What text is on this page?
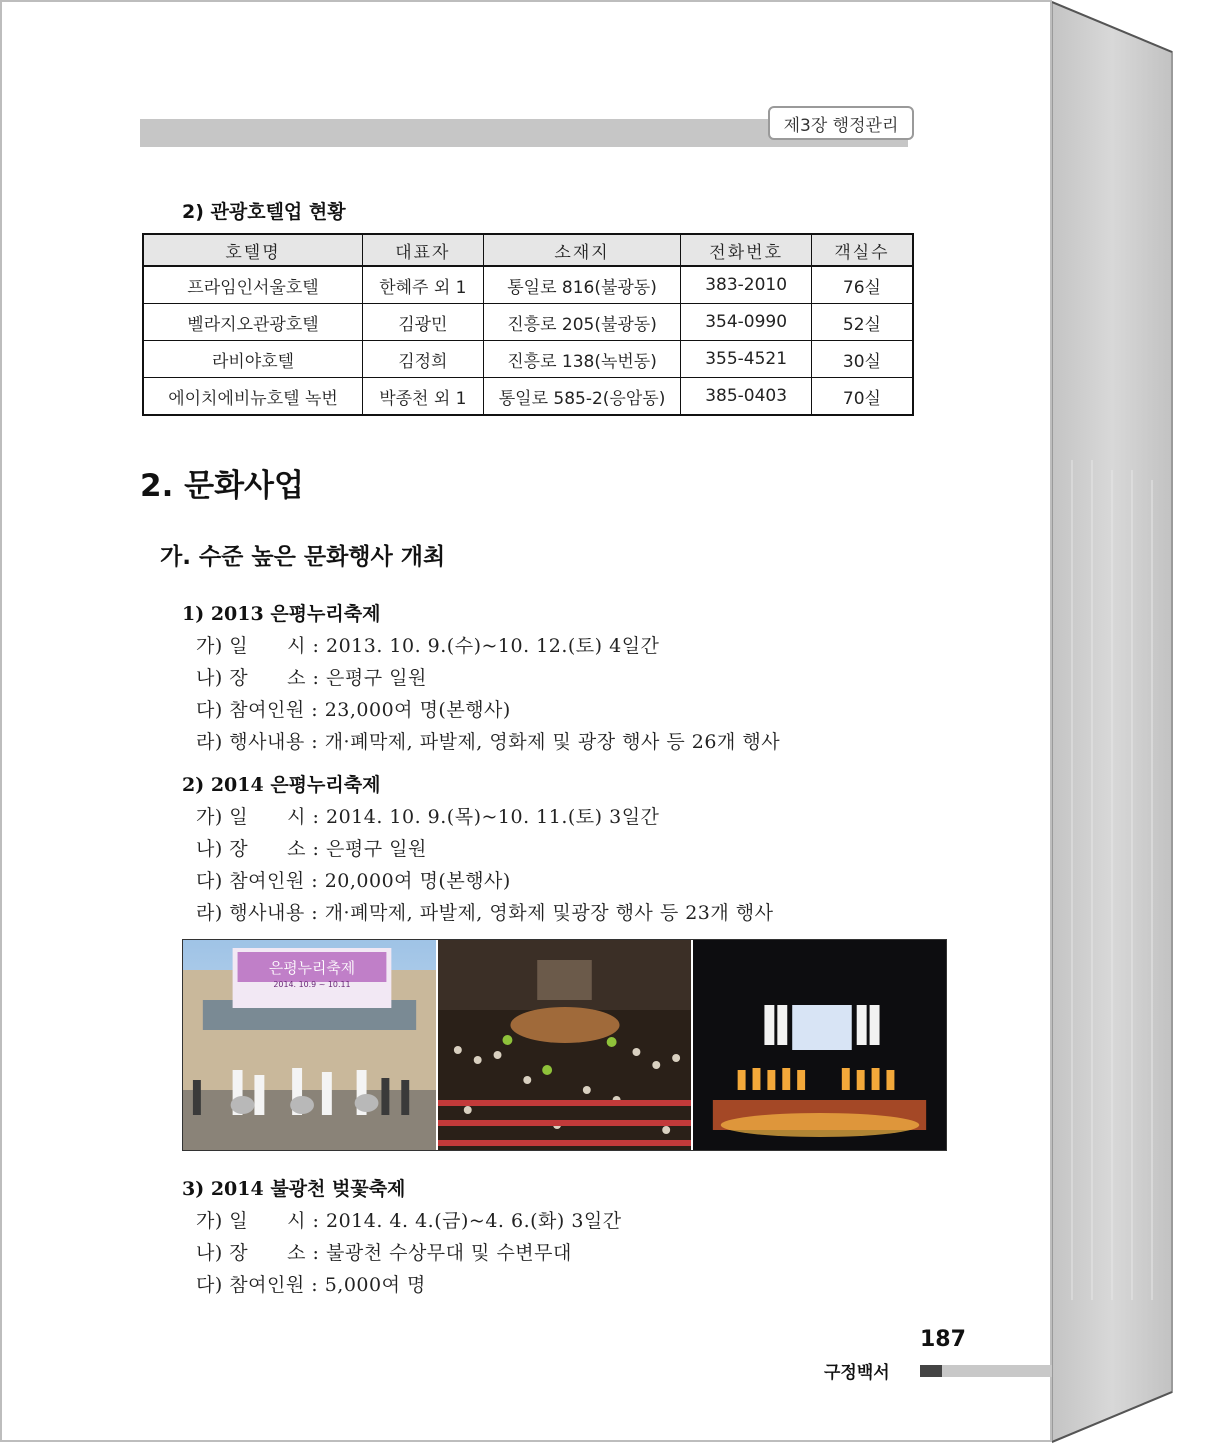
제3장 행정관리

2) 관광호텔업 현황

호텔명	대표자	소재지	전화번호	객실수
프라임인서울호텔	한혜주 외 1	통일로 816(불광동)	383-2010	76실
벨라지오관광호텔	김광민	진흥로 205(불광동)	354-0990	52실
라비야호텔	김정희	진흥로 138(녹번동)	355-4521	30실
에이치에비뉴호텔 녹번	박종천 외 1	통일로 585-2(응암동)	385-0403	70실
2. 문화사업
가. 수준 높은 문화행사 개최

1) 2013 은평누리축제

가) 일　　시 : 2013. 10. 9.(수)~10. 12.(토) 4일간

나) 장　　소 : 은평구 일원

다) 참여인원 : 23,000여 명(본행사)

라) 행사내용 : 개·폐막제, 파발제, 영화제 및 광장 행사 등 26개 행사

2) 2014 은평누리축제

가) 일　　시 : 2014. 10. 9.(목)~10. 11.(토) 3일간

나) 장　　소 : 은평구 일원

다) 참여인원 : 20,000여 명(본행사)

라) 행사내용 : 개·폐막제, 파발제, 영화제 및광장 행사 등 23개 행사

은평누리축제
2014. 10.9 ~ 10.11

3) 2014 불광천 벚꽃축제

가) 일　　시 : 2014. 4. 4.(금)~4. 6.(화) 3일간

나) 장　　소 : 불광천 수상무대 및 수변무대

다) 참여인원 : 5,000여 명

187

구정백서
